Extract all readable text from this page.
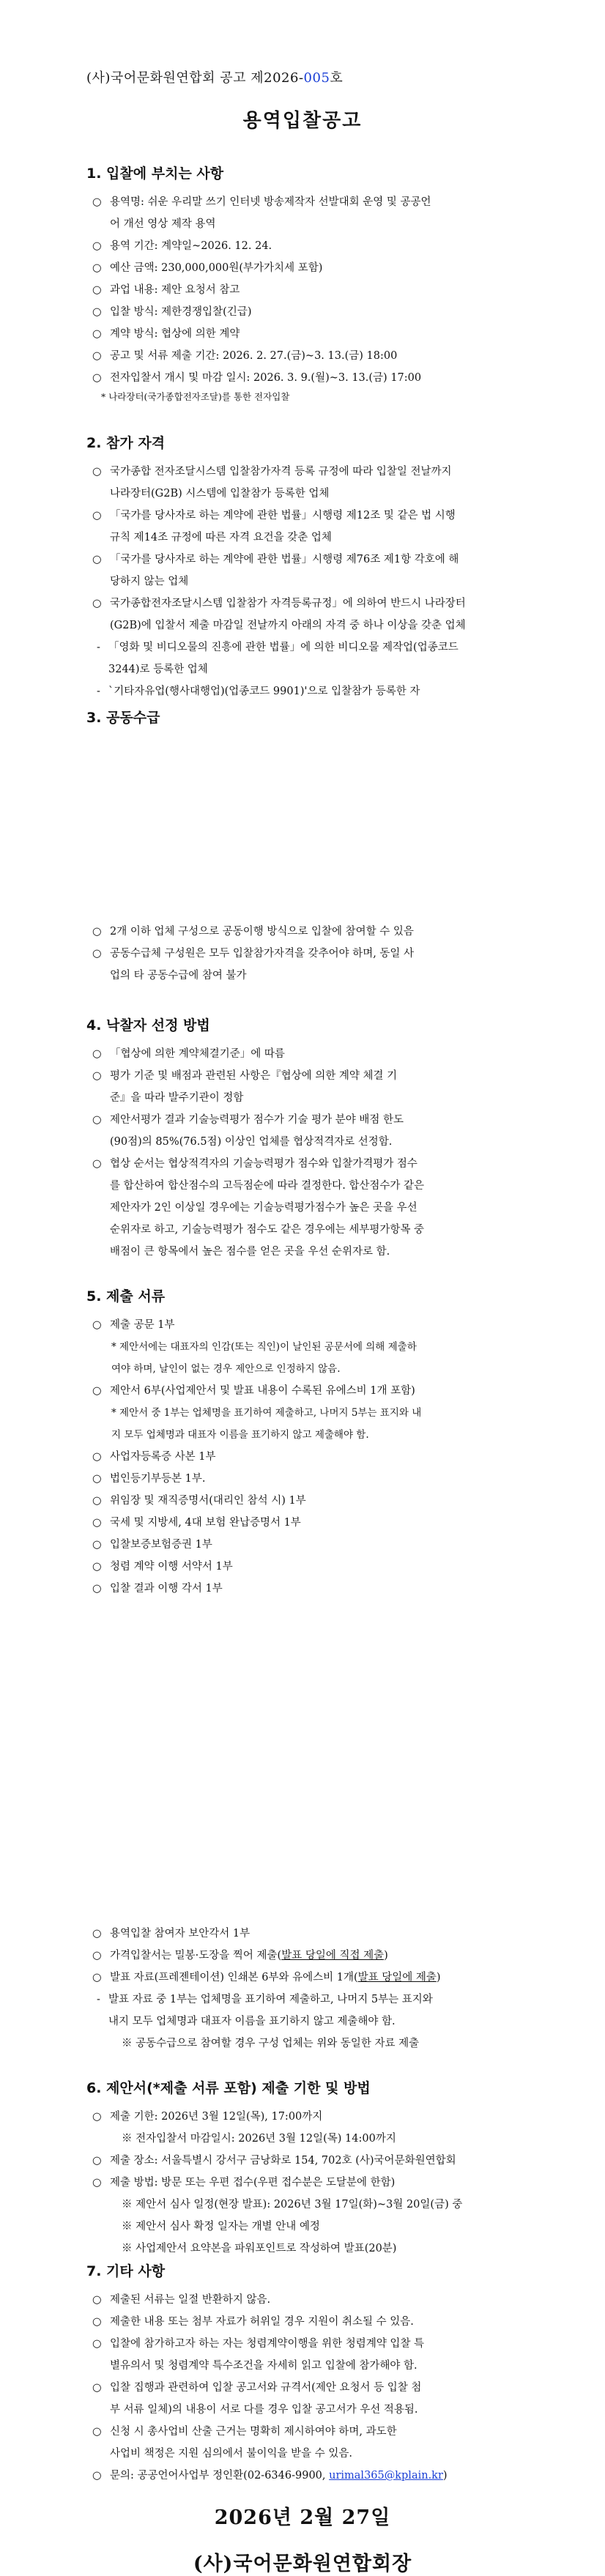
(사)국어문화원연합회 공고 제2026-005호
용역입찰공고
1. 입찰에 부치는 사항
○ 용역명: 쉬운 우리말 쓰기 인터넷 방송제작자 선발대회 운영 및 공공언
어 개선 영상 제작 용역
○ 용역 기간: 계약일~2026. 12. 24.
○ 예산 금액: 230,000,000원(부가가치세 포함)
○ 과업 내용: 제안 요청서 참고
○ 입찰 방식: 제한경쟁입찰(긴급)
○ 계약 방식: 협상에 의한 계약
○ 공고 및 서류 제출 기간: 2026. 2. 27.(금)~3. 13.(금) 18:00
○ 전자입찰서 개시 및 마감 일시: 2026. 3. 9.(월)~3. 13.(금) 17:00
* 나라장터(국가종합전자조달)를 통한 전자입찰
2. 참가 자격
○ 국가종합 전자조달시스템 입찰참가자격 등록 규정에 따라 입찰일 전날까지
나라장터(G2B) 시스템에 입찰참가 등록한 업체
○ 「국가를 당사자로 하는 계약에 관한 법률」시행령 제12조 및 같은 법 시행
규칙 제14조 규정에 따른 자격 요건을 갖춘 업체
○ 「국가를 당사자로 하는 계약에 관한 법률」시행령 제76조 제1항 각호에 해
당하지 않는 업체
○ 국가종합전자조달시스템 입찰참가 자격등록규정」에 의하여 반드시 나라장터
(G2B)에 입찰서 제출 마감일 전날까지 아래의 자격 중 하나 이상을 갖춘 업체
- 「영화 및 비디오물의 진흥에 관한 법률」에 의한 비디오물 제작업(업종코드
3244)로 등록한 업체
- `기타자유업(행사대행업)(업종코드 9901)'으로 입찰참가 등록한 자
3. 공동수급
○ 2개 이하 업체 구성으로 공동이행 방식으로 입찰에 참여할 수 있음
○ 공동수급체 구성원은 모두 입찰참가자격을 갖추어야 하며, 동일 사
업의 타 공동수급에 참여 불가
4. 낙찰자 선정 방법
○ 「협상에 의한 계약체결기준」에 따름
○ 평가 기준 및 배점과 관련된 사항은『협상에 의한 계약 체결 기
준』을 따라 발주기관이 정함
○ 제안서평가 결과 기술능력평가 점수가 기술 평가 분야 배점 한도
(90점)의 85%(76.5점) 이상인 업체를 협상적격자로 선정함.
○ 협상 순서는 협상적격자의 기술능력평가 점수와 입찰가격평가 점수
를 합산하여 합산점수의 고득점순에 따라 결정한다. 합산점수가 같은
제안자가 2인 이상일 경우에는 기술능력평가점수가 높은 곳을 우선
순위자로 하고, 기술능력평가 점수도 같은 경우에는 세부평가항목 중
배점이 큰 항목에서 높은 점수를 얻은 곳을 우선 순위자로 함.
5. 제출 서류
○ 제출 공문 1부
* 제안서에는 대표자의 인감(또는 직인)이 날인된 공문서에 의해 제출하
여야 하며, 날인이 없는 경우 제안으로 인정하지 않음.
○ 제안서 6부(사업제안서 및 발표 내용이 수록된 유에스비 1개 포함)
* 제안서 중 1부는 업체명을 표기하여 제출하고, 나머지 5부는 표지와 내
지 모두 업체명과 대표자 이름을 표기하지 않고 제출해야 함.
○ 사업자등록증 사본 1부
○ 법인등기부등본 1부.
○ 위임장 및 재직증명서(대리인 참석 시) 1부
○ 국세 및 지방세, 4대 보험 완납증명서 1부
○ 입찰보증보험증권 1부
○ 청렴 계약 이행 서약서 1부
○ 입찰 결과 이행 각서 1부
○ 용역입찰 참여자 보안각서 1부
○ 가격입찰서는 밀봉·도장을 찍어 제출(발표 당일에 직접 제출)
○ 발표 자료(프레젠테이션) 인쇄본 6부와 유에스비 1개(발표 당일에 제출)
- 발표 자료 중 1부는 업체명을 표기하여 제출하고, 나머지 5부는 표지와
내지 모두 업체명과 대표자 이름을 표기하지 않고 제출해야 함.
※ 공동수급으로 참여할 경우 구성 업체는 위와 동일한 자료 제출
6. 제안서(*제출 서류 포함) 제출 기한 및 방법
○ 제출 기한: 2026년 3월 12일(목), 17:00까지
※ 전자입찰서 마감일시: 2026년 3월 12일(목) 14:00까지
○ 제출 장소: 서울특별시 강서구 금낭화로 154, 702호 (사)국어문화원연합회
○ 제출 방법: 방문 또는 우편 접수(우편 접수분은 도달분에 한함)
※ 제안서 심사 일정(현장 발표): 2026년 3월 17일(화)~3월 20일(금) 중
※ 제안서 심사 확정 일자는 개별 안내 예정
※ 사업제안서 요약본을 파워포인트로 작성하여 발표(20분)
7. 기타 사항
○ 제출된 서류는 일절 반환하지 않음.
○ 제출한 내용 또는 첨부 자료가 허위일 경우 지원이 취소될 수 있음.
○ 입찰에 참가하고자 하는 자는 청렴계약이행을 위한 청렴계약 입찰 특
별유의서 및 청렴계약 특수조건을 자세히 읽고 입찰에 참가해야 함.
○ 입찰 집행과 관련하여 입찰 공고서와 규격서(제안 요청서 등 입찰 첨
부 서류 일체)의 내용이 서로 다를 경우 입찰 공고서가 우선 적용됨.
○ 신청 시 총사업비 산출 근거는 명확히 제시하여야 하며, 과도한
사업비 책정은 지원 심의에서 불이익을 받을 수 있음.
○ 문의: 공공언어사업부 정인환(02-6346-9900, urimal365@kplain.kr)
2026년 2월 27일
(사)국어문화원연합회장
